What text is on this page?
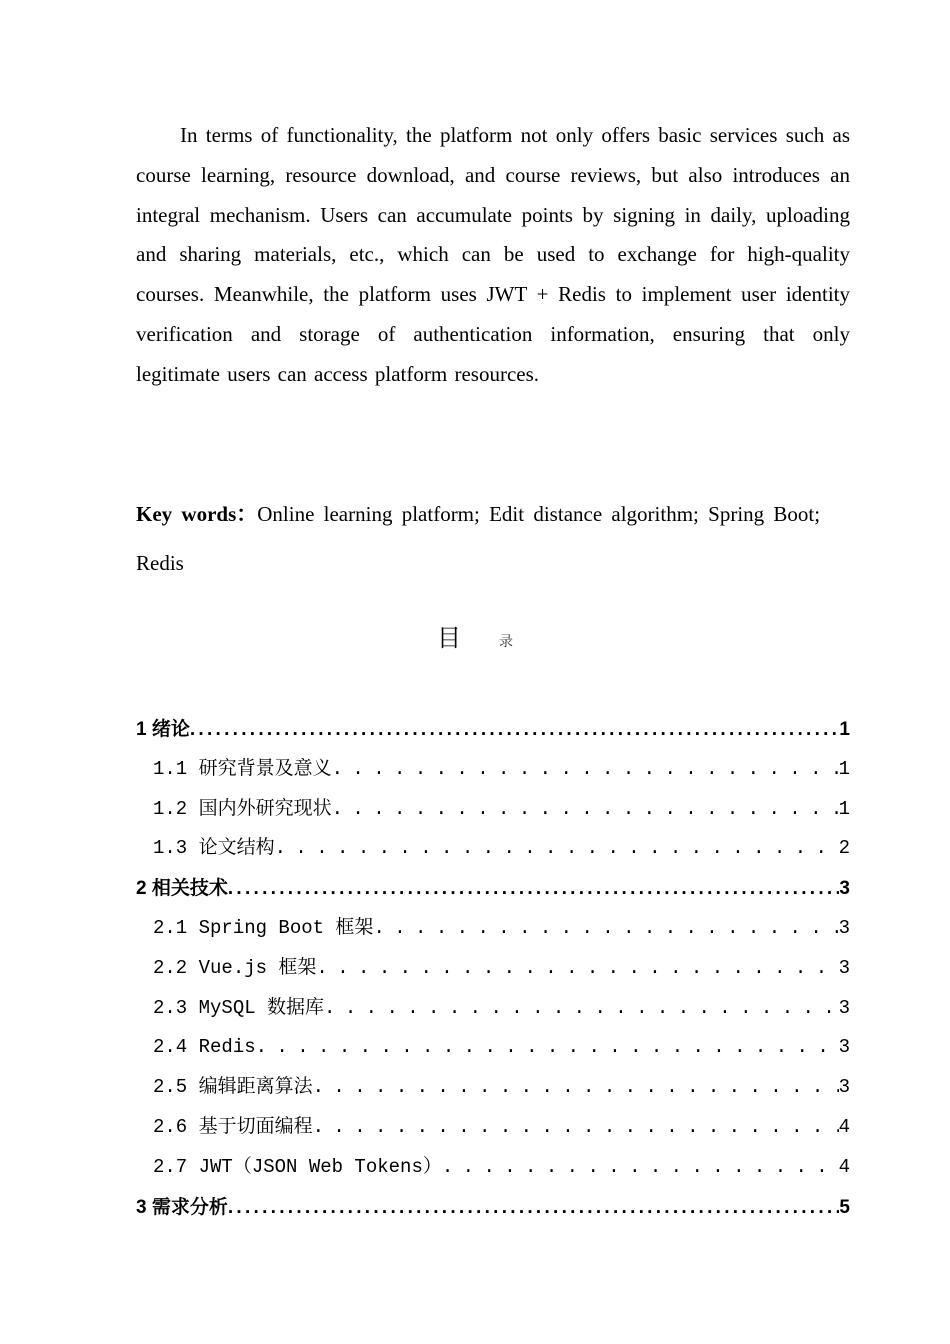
In terms of functionality, the platform not only offers basic services such as course learning, resource download, and course reviews, but also introduces an integral mechanism. Users can accumulate points by signing in daily, uploading and sharing materials, etc., which can be used to exchange for high-quality courses. Meanwhile, the platform uses JWT + Redis to implement user identity verification and storage of authentication information, ensuring that only legitimate users can access platform resources.

Key words：Online learning platform; Edit distance algorithm; Spring Boot; Redis

目	录
1 绪论 . . .	1
1.1 研究背景及意义 . . .	1
1.2 国内外研究现状 . . .	1
1.3 论文结构 . . .	2
2 相关技术 . . .	3
2.1 Spring Boot 框架 . . .	3
2.2 Vue.js 框架 . . .	3
2.3 MySQL 数据库 . . .	3
2.4 Redis . . .	3
2.5 编辑距离算法 . . .	3
2.6 基于切面编程 . . .	4
2.7 JWT（JSON Web Tokens） . . .	4
3 需求分析 . . .	5
